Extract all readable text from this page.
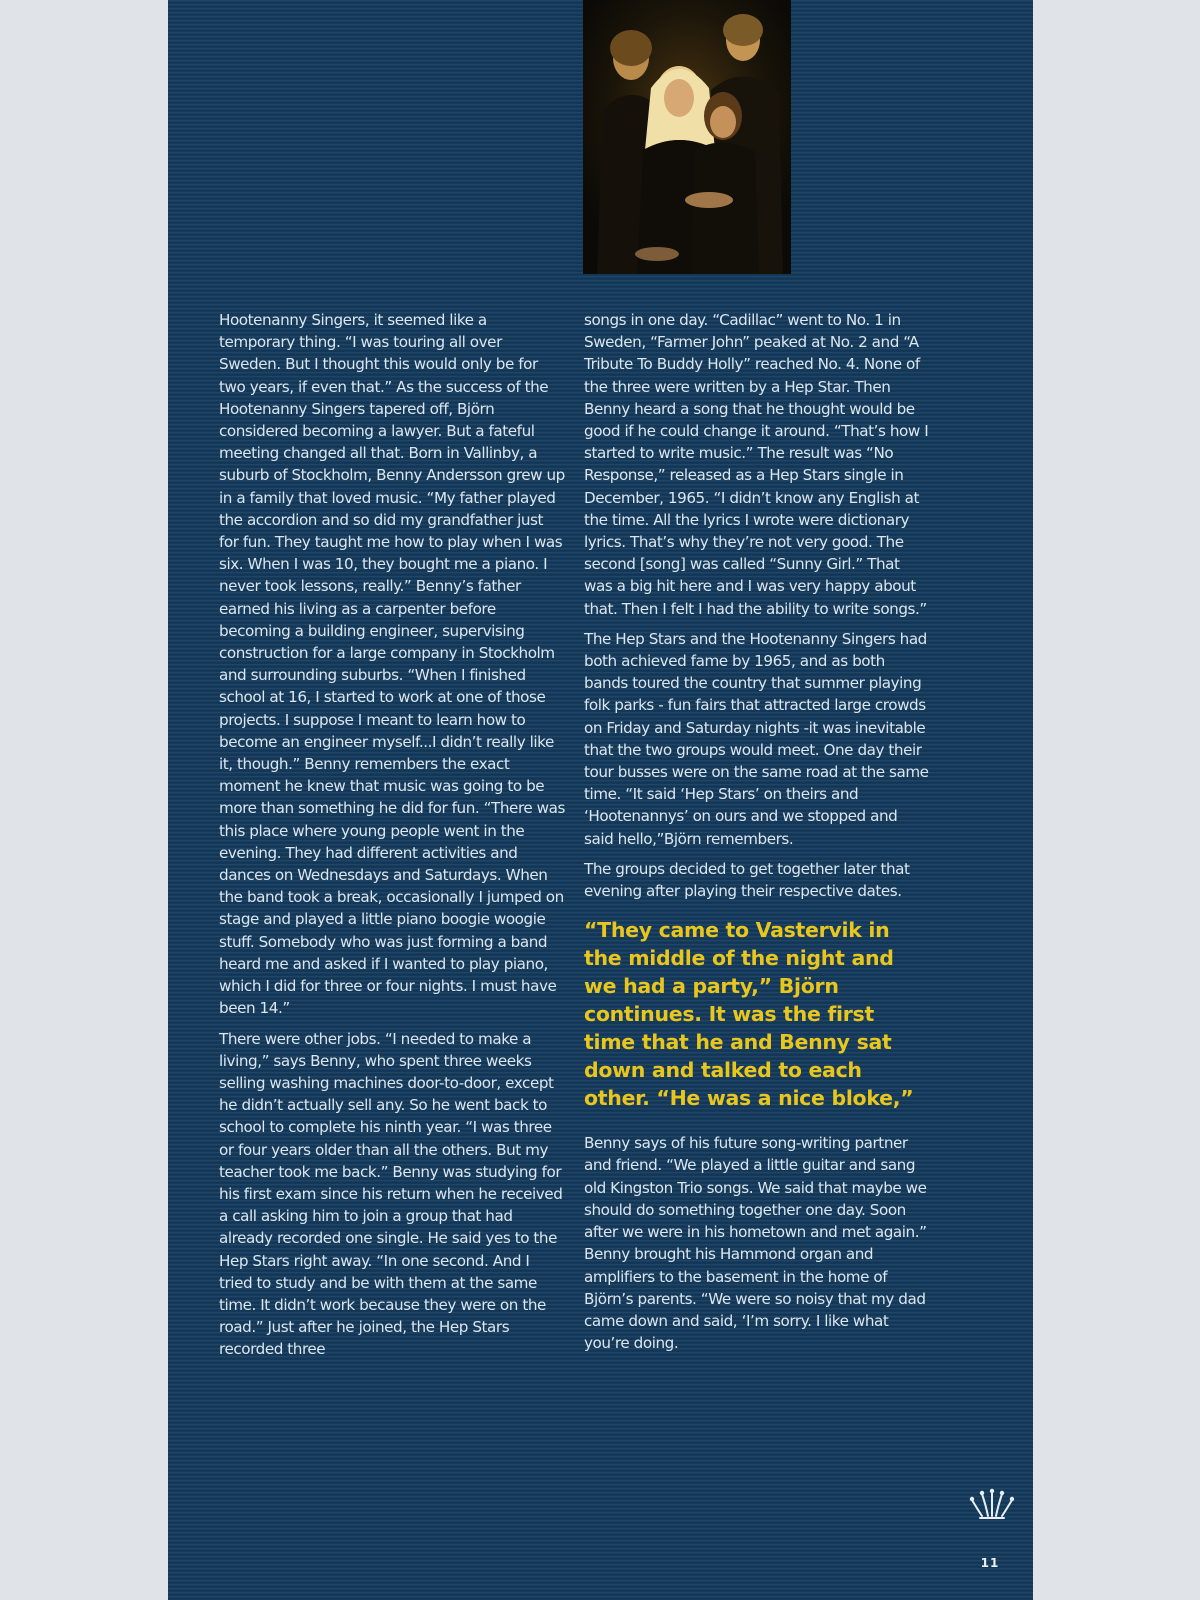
Hootenanny Singers, it seemed like a temporary thing. “I was touring all over Sweden. But I thought this would only be for two years, if even that.” As the success of the Hootenanny Singers tapered off, Björn considered becoming a lawyer. But a fateful meeting changed all that. Born in Vallinby, a suburb of Stockholm, Benny Andersson grew up in a family that loved music. “My father played the accordion and so did my grandfather just for fun. They taught me how to play when I was six. When I was 10, they bought me a piano. I never took lessons, really.” Benny’s father earned his living as a carpenter before becoming a building engineer, supervising construction for a large company in Stockholm and surrounding suburbs. “When I finished school at 16, I started to work at one of those projects. I suppose I meant to learn how to become an engineer myself...I didn’t really like it, though.” Benny remembers the exact moment he knew that music was going to be more than something he did for fun. “There was this place where young people went in the evening. They had different activities and dances on Wednesdays and Saturdays. When the band took a break, occasionally I jumped on stage and played a little piano boogie woogie stuff. Somebody who was just forming a band heard me and asked if I wanted to play piano, which I did for three or four nights. I must have been 14.”

There were other jobs. “I needed to make a living,” says Benny, who spent three weeks selling washing machines door-to-door, except he didn’t actually sell any. So he went back to school to complete his ninth year. “I was three or four years older than all the others. But my teacher took me back.” Benny was studying for his first exam since his return when he received a call asking him to join a group that had already recorded one single. He said yes to the Hep Stars right away. “In one second. And I tried to study and be with them at the same time. It didn’t work because they were on the road.” Just after he joined, the Hep Stars recorded three

songs in one day. “Cadillac” went to No. 1 in Sweden, “Farmer John” peaked at No. 2 and “A Tribute To Buddy Holly” reached No. 4. None of the three were written by a Hep Star. Then Benny heard a song that he thought would be good if he could change it around. “That’s how I started to write music.” The result was “No Response,” released as a Hep Stars single in December, 1965. “I didn’t know any English at the time. All the lyrics I wrote were dictionary lyrics. That’s why they’re not very good. The second [song] was called “Sunny Girl.” That was a big hit here and I was very happy about that. Then I felt I had the ability to write songs.”

The Hep Stars and the Hootenanny Singers had both achieved fame by 1965, and as both bands toured the country that summer playing folk parks - fun fairs that attracted large crowds on Friday and Saturday nights -it was inevitable that the two groups would meet. One day their tour busses were on the same road at the same time. “It said ‘Hep Stars’ on theirs and ‘Hootenannys’ on ours and we stopped and said hello,”Björn remembers.

The groups decided to get together later that evening after playing their respective dates.

“They came to Vastervik in the middle of the night and we had a party,” Björn continues. It was the first time that he and Benny sat down and talked to each other. “He was a nice bloke,”

Benny says of his future song-writing partner and friend. “We played a little guitar and sang old Kingston Trio songs. We said that maybe we should do something together one day. Soon after we were in his hometown and met again.” Benny brought his Hammond organ and amplifiers to the basement in the home of Björn’s parents. “We were so noisy that my dad came down and said, ‘I’m sorry. I like what you’re doing.

11
